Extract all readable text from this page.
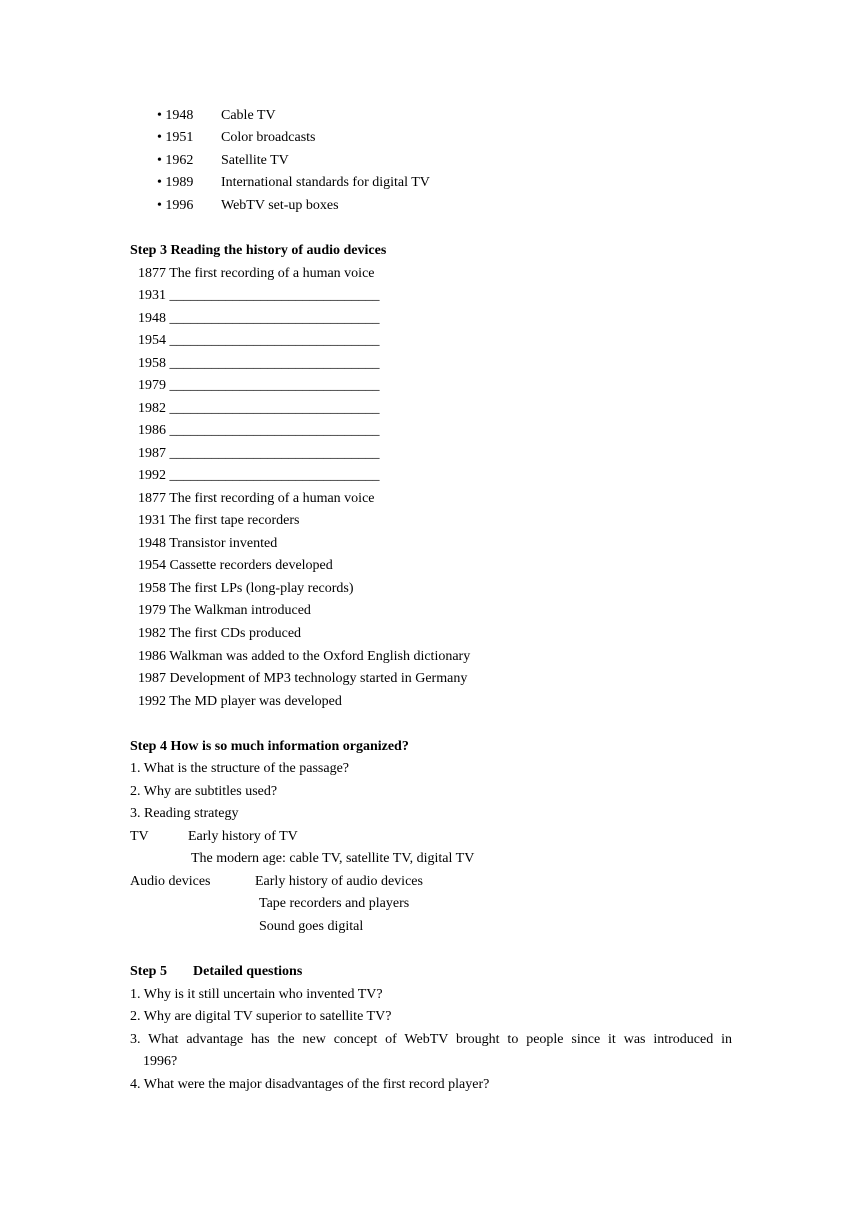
• 1948 Cable TV
• 1951 Color broadcasts
• 1962 Satellite TV
• 1989 International standards for digital TV
• 1996 WebTV set-up boxes
Step 3 Reading the history of audio devices
1877 The first recording of a human voice
1931 ______________________________
1948 ______________________________
1954 ______________________________
1958 ______________________________
1979 ______________________________
1982 ______________________________
1986 ______________________________
1987 ______________________________
1992 ______________________________
1877 The first recording of a human voice
1931 The first tape recorders
1948 Transistor invented
1954 Cassette recorders developed
1958 The first LPs (long-play records)
1979 The Walkman introduced
1982 The first CDs produced
1986 Walkman was added to the Oxford English dictionary
1987 Development of MP3 technology started in Germany
1992 The MD player was developed
Step 4 How is so much information organized?
1. What is the structure of the passage?
2. Why are subtitles used?
3. Reading strategy
TV	Early history of TV
The modern age: cable TV, satellite TV, digital TV
Audio devices	Early history of audio devices
Tape recorders and players
Sound goes digital
Step 5 Detailed questions
1. Why is it still uncertain who invented TV?
2. Why are digital TV superior to satellite TV?
3. What advantage has the new concept of WebTV brought to people since it was introduced in
1996?
4. What were the major disadvantages of the first record player?
